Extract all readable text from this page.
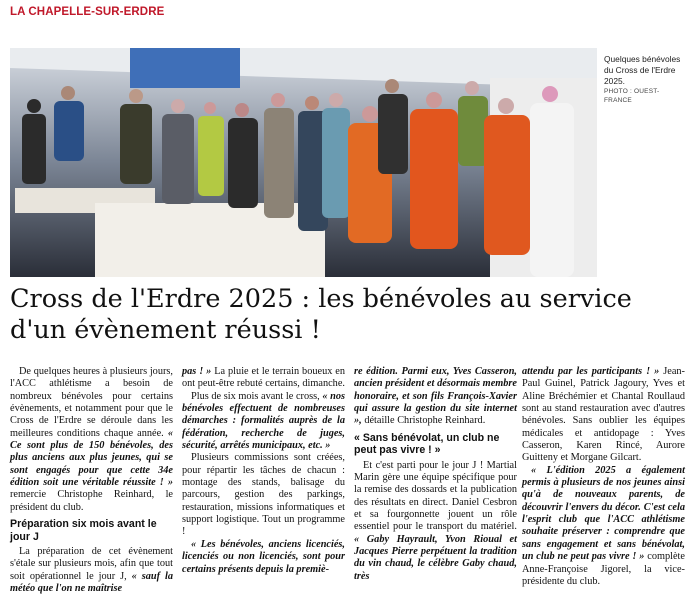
LA CHAPELLE-SUR-ERDRE
Quelques bénévoles du Cross de l'Erdre 2025.
PHOTO : OUEST-FRANCE
Cross de l'Erdre 2025 : les bénévoles au service d'un évènement réussi !

De quelques heures à plusieurs jours, l'ACC athlétisme a besoin de nombreux bénévoles pour certains évènements, et notamment pour que le Cross de l'Erdre se déroule dans les meilleures conditions chaque année. « Ce sont plus de 150 bénévoles, des plus anciens aux plus jeunes, qui se sont engagés pour que cette 34e édition soit une véritable réussite ! » remercie Christophe Reinhard, le président du club.

Préparation six mois avant le jour J

La préparation de cet évènement s'étale sur plusieurs mois, afin que tout soit opérationnel le jour J, « sauf la météo que l'on ne maîtrise

pas ! » La pluie et le terrain boueux en ont peut-être rebuté certains, dimanche.

Plus de six mois avant le cross, « nos bénévoles effectuent de nombreuses démarches : formalités auprès de la fédération, recherche de juges, sécurité, arrêtés municipaux, etc. »

Plusieurs commissions sont créées, pour répartir les tâches de chacun : montage des stands, balisage du parcours, gestion des parkings, restauration, missions informatiques et support logistique. Tout un programme !

« Les bénévoles, anciens licenciés, licenciés ou non licenciés, sont pour certains présents depuis la premiè-

re édition. Parmi eux, Yves Casseron, ancien président et désormais membre honoraire, et son fils François-Xavier qui assure la gestion du site internet », détaille Christophe Reinhard.

« Sans bénévolat, un club ne peut pas vivre ! »

Et c'est parti pour le jour J ! Martial Marin gère une équipe spécifique pour la remise des dossards et la publication des résultats en direct. Daniel Cesbron et sa fourgonnette jouent un rôle essentiel pour le transport du matériel. « Gaby Hayrault, Yvon Rioual et Jacques Pierre perpétuent la tradition du vin chaud, le célèbre Gaby chaud, très

attendu par les participants ! » Jean-Paul Guinel, Patrick Jagoury, Yves et Aline Bréchémier et Chantal Roullaud sont au stand restauration avec d'autres bénévoles. Sans oublier les équipes médicales et antidopage : Yves Casseron, Karen Rincé, Aurore Guitteny et Morgane Gilcart.

« L'édition 2025 a également permis à plusieurs de nos jeunes ainsi qu'à de nouveaux parents, de découvrir l'envers du décor. C'est cela l'esprit club que l'ACC athlétisme souhaite préserver : comprendre que sans engagement et sans bénévolat, un club ne peut pas vivre ! » complète Anne-Françoise Jigorel, la vice-présidente du club.
